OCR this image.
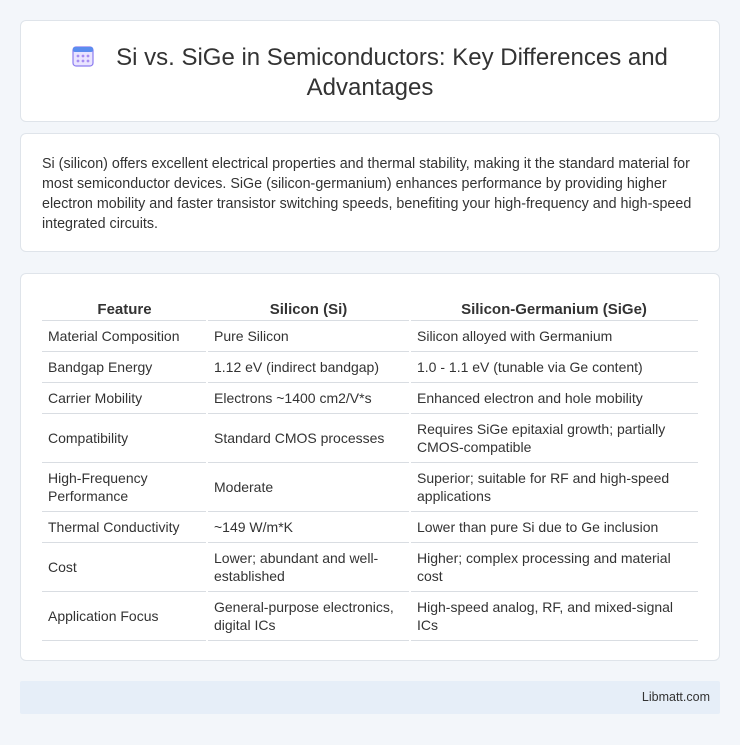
Si vs. SiGe in Semiconductors: Key Differences and Advantages

Si (silicon) offers excellent electrical properties and thermal stability, making it the standard material for most semiconductor devices. SiGe (silicon-germanium) enhances performance by providing higher electron mobility and faster transistor switching speeds, benefiting your high-frequency and high-speed integrated circuits.

Feature	Silicon (Si)	Silicon-Germanium (SiGe)
Material Composition	Pure Silicon	Silicon alloyed with Germanium
Bandgap Energy	1.12 eV (indirect bandgap)	1.0 - 1.1 eV (tunable via Ge content)
Carrier Mobility	Electrons ~1400 cm2/V*s	Enhanced electron and hole mobility
Compatibility	Standard CMOS processes	Requires SiGe epitaxial growth; partially CMOS-compatible
High-Frequency Performance	Moderate	Superior; suitable for RF and high-speed applications
Thermal Conductivity	~149 W/m*K	Lower than pure Si due to Ge inclusion
Cost	Lower; abundant and well-established	Higher; complex processing and material cost
Application Focus	General-purpose electronics, digital ICs	High-speed analog, RF, and mixed-signal ICs
Libmatt.com
